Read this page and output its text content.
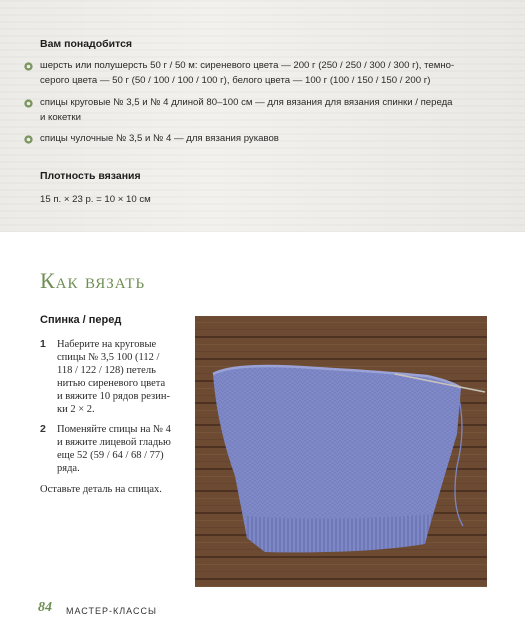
Вам понадобится
шерсть или полушерсть 50 г / 50 м: сиреневого цвета — 200 г (250 / 250 / 300 / 300 г), темно-
серого цвета — 50 г (50 / 100 / 100 / 100 г), белого цвета — 100 г (100 / 150 / 150 / 200 г)
спицы круговые № 3,5 и № 4 длиной 80–100 см — для вязания для вязания спинки / переда
и кокетки
спицы чулочные № 3,5 и № 4 — для вязания рукавов
Плотность вязания
15 п. × 23 р. = 10 × 10 см
Как вязать
Спинка / перед
1	Наберите на круговые
спицы № 3,5 100 (112 /
118 / 122 / 128) петель
нитью сиреневого цвета
и вяжите 10 рядов резин-
ки 2 × 2.
2	Поменяйте спицы на № 4
и вяжите лицевой гладью
еще 52 (59 / 64 / 68 / 77)
ряда.
Оставьте деталь на спицах.
84 МАСТЕР-КЛАССЫ
